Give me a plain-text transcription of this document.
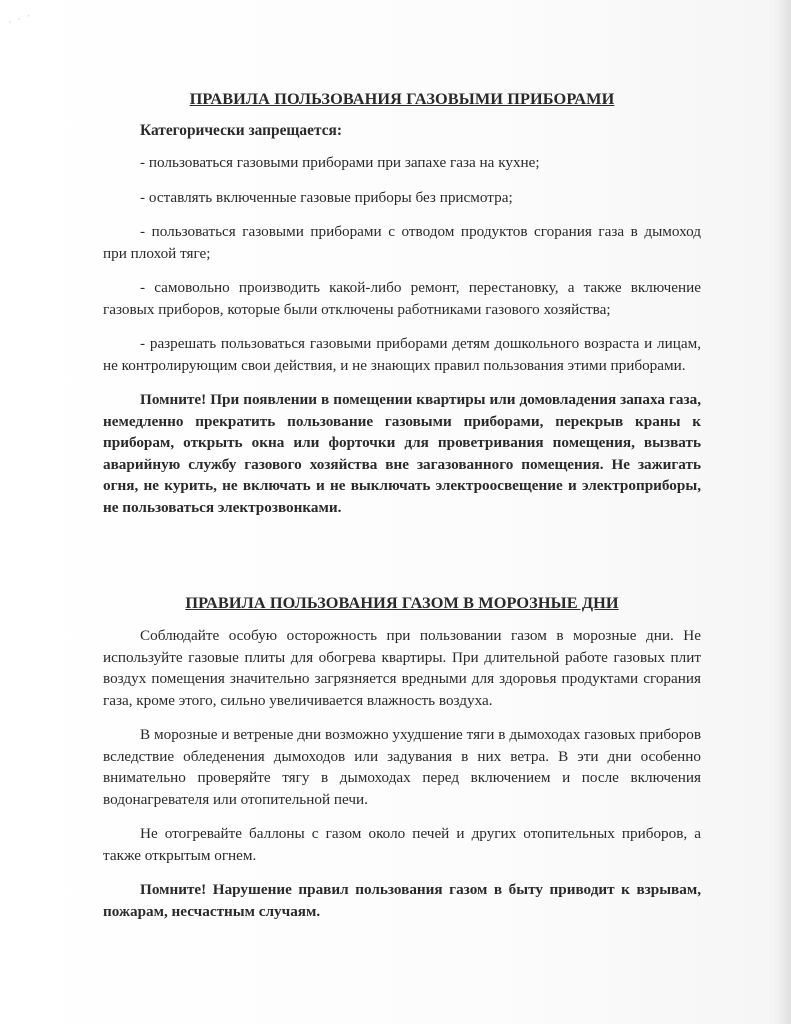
· · ·
ПРАВИЛА ПОЛЬЗОВАНИЯ ГАЗОВЫМИ ПРИБОРАМИ

Категорически запрещается:

- пользоваться газовыми приборами при запахе газа на кухне;

- оставлять включенные газовые приборы без присмотра;

- пользоваться газовыми приборами с отводом продуктов сгорания газа в дымоход при плохой тяге;

- самовольно производить какой-либо ремонт, перестановку, а также включение газовых приборов, которые были отключены работниками газового хозяйства;

- разрешать пользоваться газовыми приборами детям дошкольного возраста и лицам, не контролирующим свои действия, и не знающих правил пользования этими приборами.

Помните! При появлении в помещении квартиры или домовладения запаха газа, немедленно прекратить пользование газовыми приборами, перекрыв краны к приборам, открыть окна или форточки для проветривания помещения, вызвать аварийную службу газового хозяйства вне загазованного помещения. Не зажигать огня, не курить, не включать и не выключать электроосвещение и электроприборы, не пользоваться электрозвонками.

ПРАВИЛА ПОЛЬЗОВАНИЯ ГАЗОМ В МОРОЗНЫЕ ДНИ

Соблюдайте особую осторожность при пользовании газом в морозные дни. Не используйте газовые плиты для обогрева квартиры. При длительной работе газовых плит воздух помещения значительно загрязняется вредными для здоровья продуктами сгорания газа, кроме этого, сильно увеличивается влажность воздуха.

В морозные и ветреные дни возможно ухудшение тяги в дымоходах газовых приборов вследствие обледенения дымоходов или задувания в них ветра. В эти дни особенно внимательно проверяйте тягу в дымоходах перед включением и после включения водонагревателя или отопительной печи.

Не отогревайте баллоны с газом около печей и других отопительных приборов, а также открытым огнем.

Помните! Нарушение правил пользования газом в быту приводит к взрывам, пожарам, несчастным случаям.
